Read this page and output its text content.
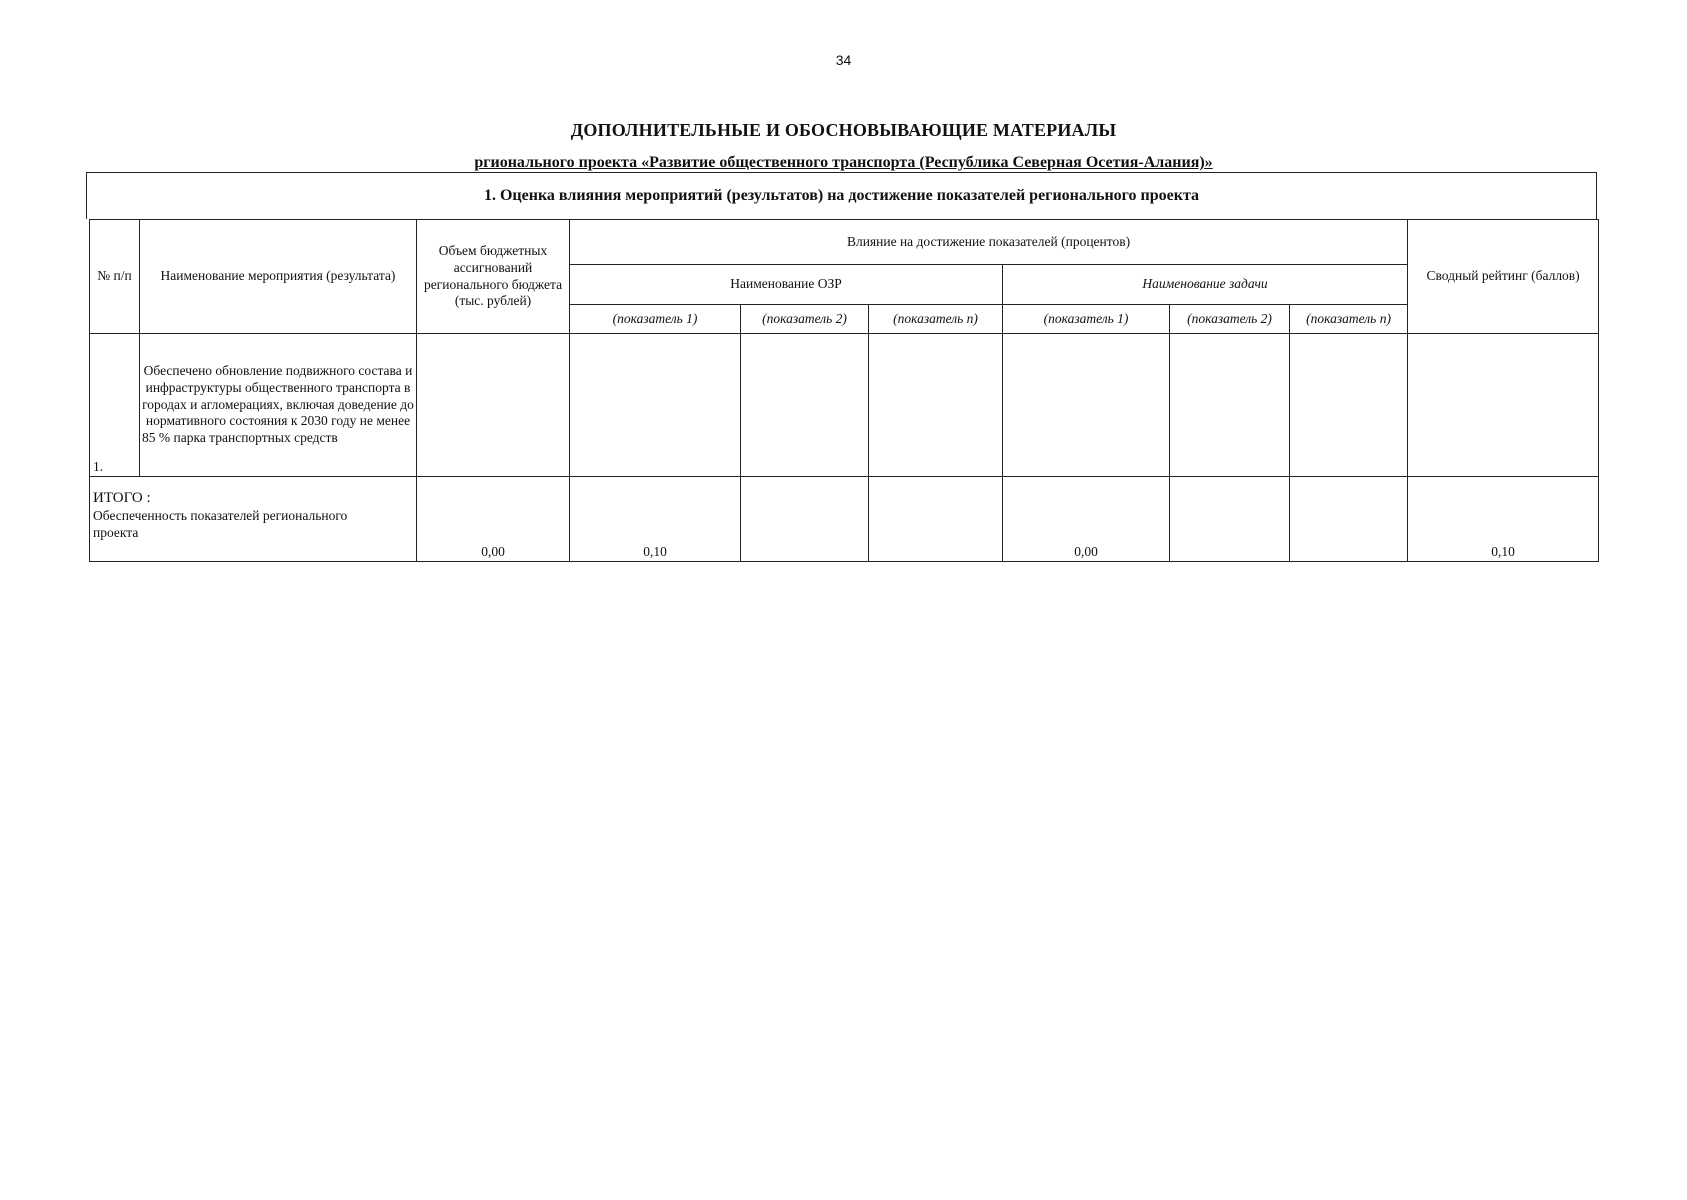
34
ДОПОЛНИТЕЛЬНЫЕ И ОБОСНОВЫВАЮЩИЕ МАТЕРИАЛЫ
ргионального проекта «Развитие общественного транспорта (Республика Северная Осетия-Алания)»
1. Оценка влияния мероприятий (результатов) на достижение показателей регионального проекта
№ п/п	Наименование мероприятия (результата)	Объем бюджетных ассигнований регионального бюджета (тыс. рублей)	Влияние на достижение показателей (процентов)						Сводный рейтинг (баллов)
			Наименование ОЗР			Наименование задачи			
			(показатель 1)	(показатель 2)	(показатель n)	(показатель 1)	(показатель 2)	(показатель n)	
1.	Обеспечено обновление подвижного состава и инфраструктуры общественного транспорта в городах и агломерациях, включая доведение до нормативного состояния к 2030 году не менее 85 % парка транспортных средств								

ИТОГО :
Обеспеченность показателей регионального проекта		0,00	0,10			0,00			0,10
